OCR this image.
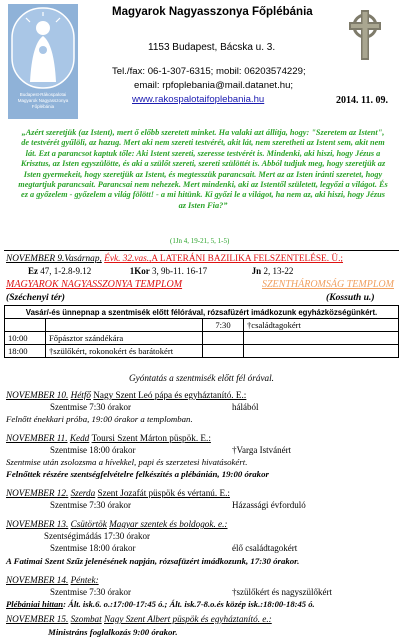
Budapest-Rákospalotai
Magyarok Nagyasszonya
Főplébánia
Magyarok Nagyasszonya Főplébánia
1153 Budapest, Bácska u. 3.
Tel./fax: 06-1-307-6315; mobil: 06203574229;
email: rpfoplebania@mail.datanet.hu;
www.rakospalotaifoplebania.hu	2014. 11. 09.
„Azért szeretjük (az Istent), mert ő előbb szeretett minket. Ha valaki azt állítja, hogy: "Szeretem az Istent", de testvérét gyűlöli, az hazug. Mert aki nem szereti testvérét, akit lát, nem szeretheti az Istent sem, akit nem lát. Ezt a parancsot kaptuk tőle: Aki Istent szereti, szeresse testvérét is. Mindenki, aki hiszi, hogy Jézus a Krisztus, az Isten egyszülötte, és aki a szülőt szereti, szereti szülöttét is. Abból tudjuk meg, hogy szeretjük az Isten gyermekeit, hogy szeretjük az Istent, és megtesszük parancsait. Mert az az Isten iránti szeretet, hogy megtartjuk parancsait. Parancsai nem nehezek. Mert mindenki, aki az Istentől született, legyőzi a világot. És ez a győzelem - győzelem a világ fölött! - a mi hitünk. Ki győzi le a világot, ha nem az, aki hiszi, hogy Jézus az Isten Fia?”
(1Jn 4, 19-21, 5, 1-5)
NOVEMBER 9.Vasárnap, Évk. 32.vas.,A LATERÁNI BAZILIKA FELSZENTELÉSE. Ü.;
Ez 47, 1-2.8-9.12	1Kor 3, 9b-11. 16-17	Jn 2, 13-22
MAGYAROK NAGYASSZONYA TEMPLOM	SZENTHÁROMSÁG TEMPLOM
(Széchenyi tér)	(Kossuth u.)
Vasár/-és ünnepnap a szentmisék előtt félórával, rózsafüzért imádkozunk egyházközségünkért.			
		7:30	†családtagokért
10:00	Főpásztor szándékára		
18:00	†szülőkért, rokonokért és barátokért		
Gyóntatás a szentmisék előtt fél órával.
NOVEMBER 10. Hétfő Nagy Szent Leó pápa és egyháztanító. E.:
Szentmise 7:30 órakor	hálából
Felnőtt énekkari próba, 19:00 órakor a templomban.
NOVEMBER 11. Kedd Toursi Szent Márton püspök. E.:
Szentmise 18:00 órakor	†Varga Istvánért
Szentmise után zsolozsma a hívekkel, papi és szerzetesi hivatásokért.
Felnőttek részére szentségfelvételre felkészítés a plébánián, 19:00 órakor
NOVEMBER 12. Szerda Szent Jozafát püspök és vértanú. E.:
Szentmise 7:30 órakor	Házassági évforduló
NOVEMBER 13. Csütörtök Magyar szentek és boldogok. e.:
Szentségimádás 17:30 órakor
Szentmise 18:00 órakor	élő családtagokért
A Fatimai Szent Szűz jelenésének napján, rózsafüzért imádkozunk, 17:30 órakor.
NOVEMBER 14. Péntek:
Szentmise 7:30 órakor	†szülőkért és nagyszülőkért
Plébániai hittan: Ált. isk.6. o.:17:00-17:45 ó.; Ált. isk.7-8.o.és közép isk.:18:00-18:45 ó.
NOVEMBER 15. Szombat Nagy Szent Albert püspök és egyháztanító. e.:
Ministráns foglalkozás 9:00 órakor.
